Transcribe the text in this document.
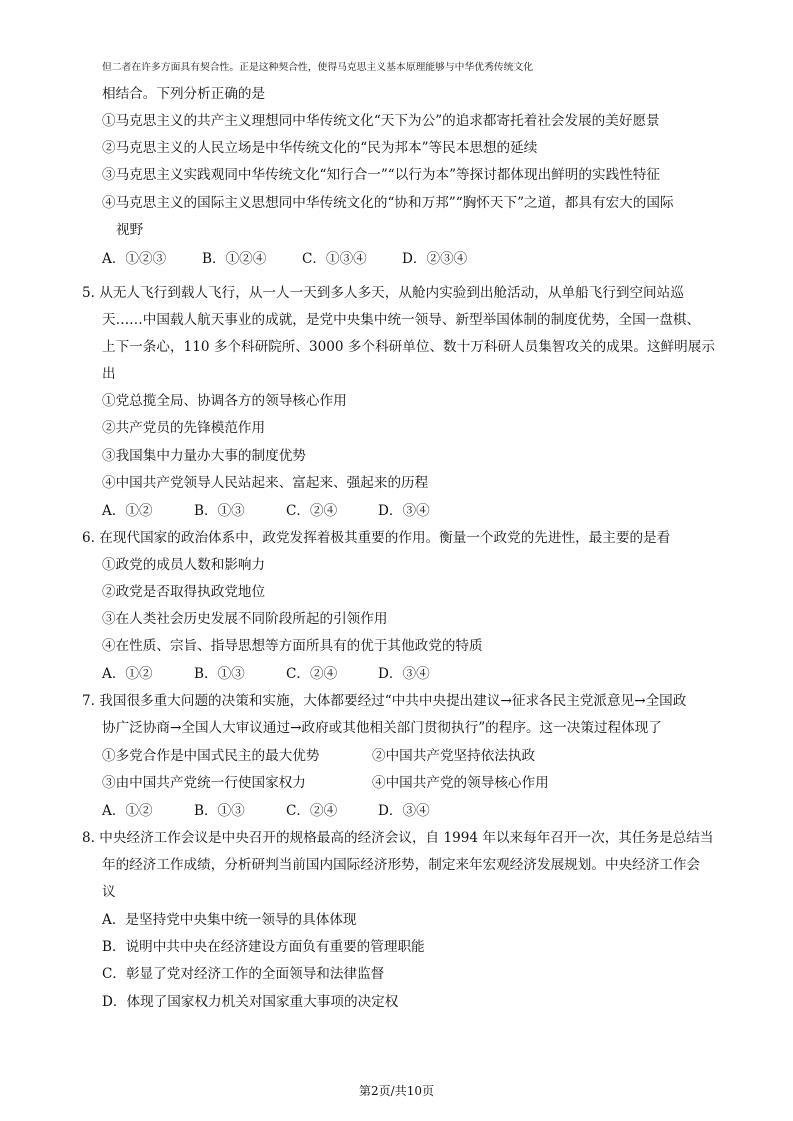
但二者在许多方面具有契合性。正是这种契合性，使得马克思主义基本原理能够与中华优秀传统文化
相结合。下列分析正确的是
①马克思主义的共产主义理想同中华传统文化“天下为公”的追求都寄托着社会发展的美好愿景
②马克思主义的人民立场是中华传统文化的“民为邦本”等民本思想的延续
③马克思主义实践观同中华传统文化“知行合一”“以行为本”等探讨都体现出鲜明的实践性特征
④马克思主义的国际主义思想同中华传统文化的“协和万邦”“胸怀天下”之道，都具有宏大的国际
视野
A．①②③	B．①②④	C．①③④	D．②③④
5. 从无人飞行到载人飞行，从一人一天到多人多天，从舱内实验到出舱活动，从单船飞行到空间站巡
天……中国载人航天事业的成就，是党中央集中统一领导、新型举国体制的制度优势，全国一盘棋、
上下一条心，110 多个科研院所、3000 多个科研单位、数十万科研人员集智攻关的成果。这鲜明展示
出
①党总揽全局、协调各方的领导核心作用
②共产党员的先锋模范作用
③我国集中力量办大事的制度优势
④中国共产党领导人民站起来、富起来、强起来的历程
A．①②	B．①③	C．②④	D．③④
6. 在现代国家的政治体系中，政党发挥着极其重要的作用。衡量一个政党的先进性，最主要的是看
①政党的成员人数和影响力
②政党是否取得执政党地位
③在人类社会历史发展不同阶段所起的引领作用
④在性质、宗旨、指导思想等方面所具有的优于其他政党的特质
A．①②	B．①③	C．②④	D．③④
7. 我国很多重大问题的决策和实施，大体都要经过“中共中央提出建议→征求各民主党派意见→全国政
协广泛协商→全国人大审议通过→政府或其他相关部门贯彻执行”的程序。这一决策过程体现了
①多党合作是中国式民主的最大优势	②中国共产党坚持依法执政
③由中国共产党统一行使国家权力	④中国共产党的领导核心作用
A．①②	B．①③	C．②④	D．③④
8. 中央经济工作会议是中央召开的规格最高的经济会议，自 1994 年以来每年召开一次，其任务是总结当
年的经济工作成绩，分析研判当前国内国际经济形势，制定来年宏观经济发展规划。中央经济工作会
议
A．是坚持党中央集中统一领导的具体体现
B．说明中共中央在经济建设方面负有重要的管理职能
C．彰显了党对经济工作的全面领导和法律监督
D．体现了国家权力机关对国家重大事项的决定权
第2页/共10页
